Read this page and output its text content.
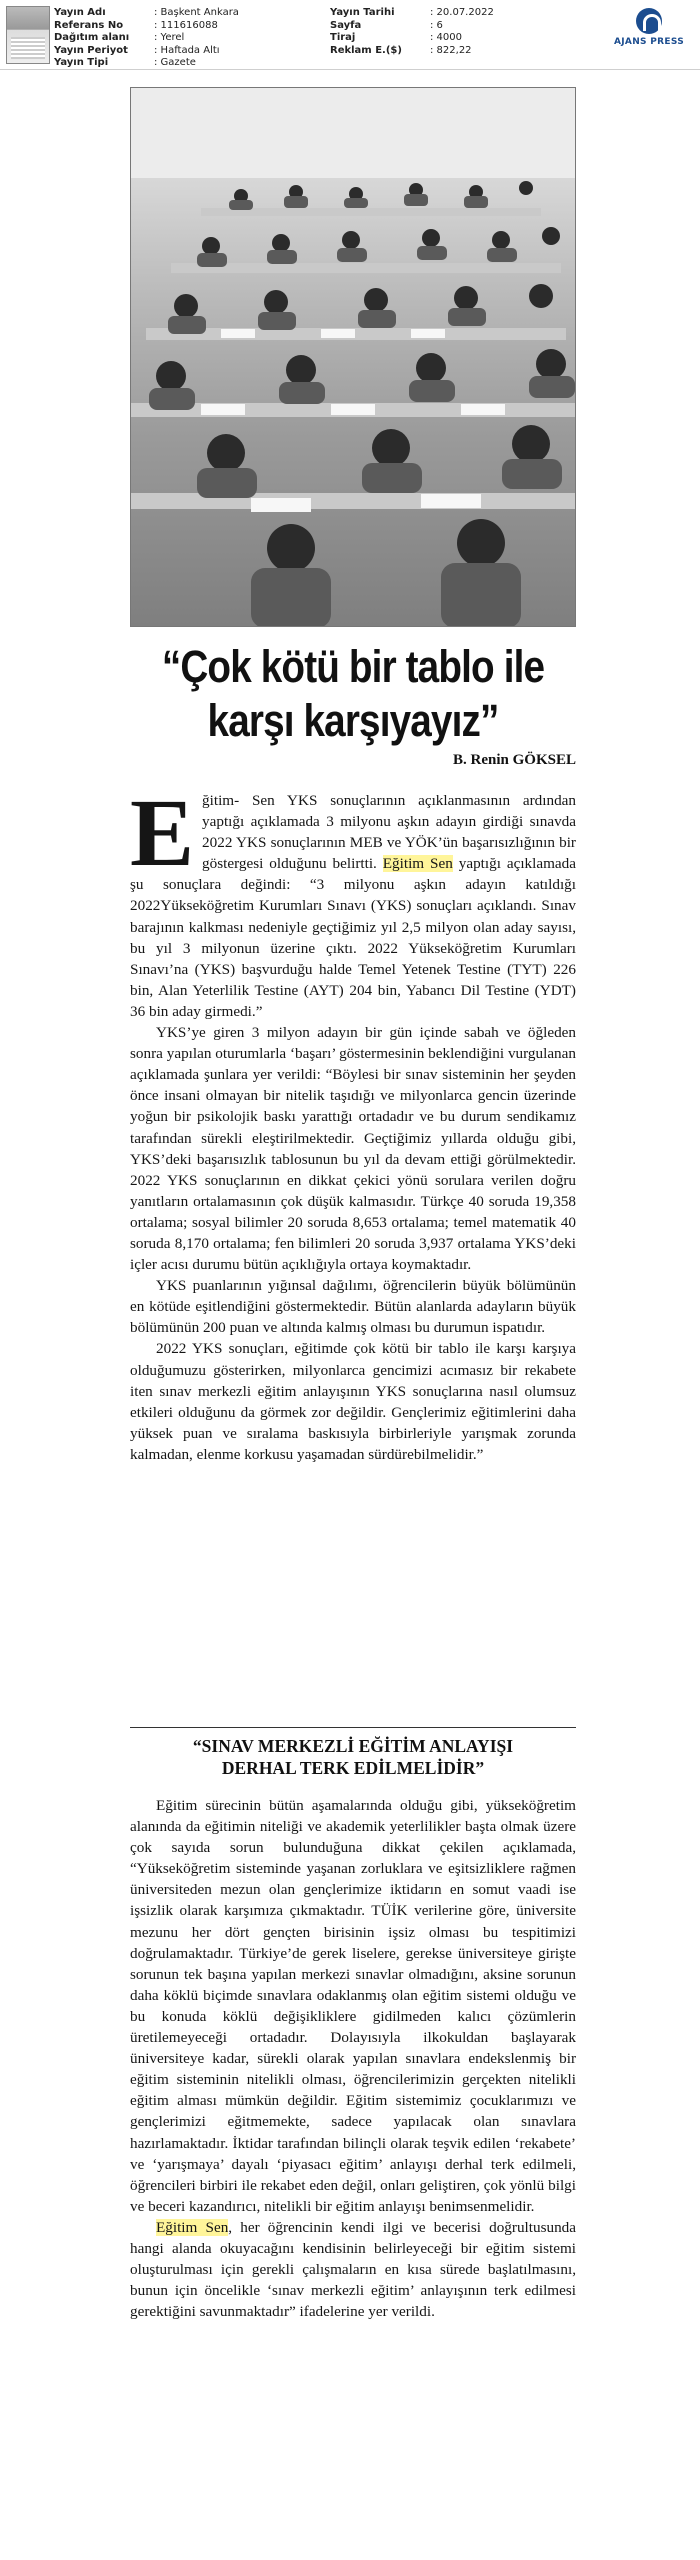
Yayın Adı	: Başkent Ankara
Referans No	: 111616088
Dağıtım alanı	: Yerel
Yayın Periyot	: Haftada Altı
Yayın Tipi	: Gazete
Yayın Tarihi	: 20.07.2022
Sayfa	: 6
Tiraj	: 4000
Reklam E.($)	: 822,22
AJANS PRESS
“Çok kötü bir tablo ile
karşı karşıyayız”
B. Renin GÖKSEL

Eğitim- Sen YKS sonuçlarının açıklanmasının ardından yaptığı açıklamada 3 milyonu aşkın adayın girdiği sınavda 2022 YKS sonuçlarının MEB ve YÖK’ün başarısızlığının bir göstergesi olduğunu belirtti. Eğitim Sen yaptığı açıklamada şu sonuçlara değindi: “3 milyonu aşkın adayın katıldığı 2022Yükseköğretim Kurumları Sınavı (YKS) sonuçları açıklandı. Sınav barajının kalkması nedeniyle geçtiğimiz yıl 2,5 milyon olan aday sayısı, bu yıl 3 milyonun üzerine çıktı. 2022 Yükseköğretim Kurumları Sınavı’na (YKS) başvurduğu halde Temel Yetenek Testine (TYT) 226 bin, Alan Yeterlilik Testine (AYT) 204 bin, Yabancı Dil Testine (YDT) 36 bin aday girmedi.”

YKS’ye giren 3 milyon adayın bir gün içinde sabah ve öğleden sonra yapılan oturumlarla ‘başarı’ göstermesinin beklendiğini vurgulanan açıklamada şunlara yer verildi: “Böylesi bir sınav sisteminin her şeyden önce insani olmayan bir nitelik taşıdığı ve milyonlarca gencin üzerinde yoğun bir psikolojik baskı yarattığı ortadadır ve bu durum sendikamız tarafından sürekli eleştirilmektedir. Geçtiğimiz yıllarda olduğu gibi, YKS’deki başarısızlık tablosunun bu yıl da devam ettiği görülmektedir. 2022 YKS sonuçlarının en dikkat çekici yönü sorulara verilen doğru yanıtların ortalamasının çok düşük kalmasıdır. Türkçe 40 soruda 19,358 ortalama; sosyal bilimler 20 soruda 8,653 ortalama; temel matematik 40 soruda 8,170 ortalama; fen bilimleri 20 soruda 3,937 ortalama YKS’deki içler acısı durumu bütün açıklığıyla ortaya koymaktadır.

YKS puanlarının yığınsal dağılımı, öğrencilerin büyük bölümünün en kötüde eşitlendiğini göstermektedir. Bütün alanlarda adayların büyük bölümünün 200 puan ve altında kalmış olması bu durumun ispatıdır.

2022 YKS sonuçları, eğitimde çok kötü bir tablo ile karşı karşıya olduğumuzu gösterirken, milyonlarca gencimizi acımasız bir rekabete iten sınav merkezli eğitim anlayışının YKS sonuçlarına nasıl olumsuz etkileri olduğunu da görmek zor değildir. Gençlerimiz eğitimlerini daha yüksek puan ve sıralama baskısıyla birbirleriyle yarışmak zorunda kalmadan, elenme korkusu yaşamadan sürdürebilmelidir.”

“SINAV MERKEZLİ EĞİTİM ANLAYIŞI
DERHAL TERK EDİLMELİDİR”

Eğitim sürecinin bütün aşamalarında olduğu gibi, yükseköğretim alanında da eğitimin niteliği ve akademik yeterlilikler başta olmak üzere çok sayıda sorun bulunduğuna dikkat çekilen açıklamada, “Yükseköğretim sisteminde yaşanan zorluklara ve eşitsizliklere rağmen üniversiteden mezun olan gençlerimize iktidarın en somut vaadi ise işsizlik olarak karşımıza çıkmaktadır. TÜİK verilerine göre, üniversite mezunu her dört gençten birisinin işsiz olması bu tespitimizi doğrulamaktadır. Türkiye’de gerek liselere, gerekse üniversiteye girişte sorunun tek başına yapılan merkezi sınavlar olmadığını, aksine sorunun daha köklü biçimde sınavlara odaklanmış olan eğitim sistemi olduğu ve bu konuda köklü değişikliklere gidilmeden kalıcı çözümlerin üretilemeyeceği ortadadır. Dolayısıyla ilkokuldan başlayarak üniversiteye kadar, sürekli olarak yapılan sınavlara endekslenmiş bir eğitim sisteminin nitelikli olması, öğrencilerimizin gerçekten nitelikli eğitim alması mümkün değildir. Eğitim sistemimiz çocuklarımızı ve gençlerimizi eğitmemekte, sadece yapılacak olan sınavlara hazırlamaktadır. İktidar tarafından bilinçli olarak teşvik edilen ‘rekabete’ ve ‘yarışmaya’ dayalı ‘piyasacı eğitim’ anlayışı derhal terk edilmeli, öğrencileri birbiri ile rekabet eden değil, onları geliştiren, çok yönlü bilgi ve beceri kazandırıcı, nitelikli bir eğitim anlayışı benimsenmelidir.

Eğitim Sen, her öğrencinin kendi ilgi ve becerisi doğrultusunda hangi alanda okuyacağını kendisinin belirleyeceği bir eğitim sistemi oluşturulması için gerekli çalışmaların en kısa sürede başlatılmasını, bunun için öncelikle ‘sınav merkezli eğitim’ anlayışının terk edilmesi gerektiğini savunmaktadır” ifadelerine yer verildi.
